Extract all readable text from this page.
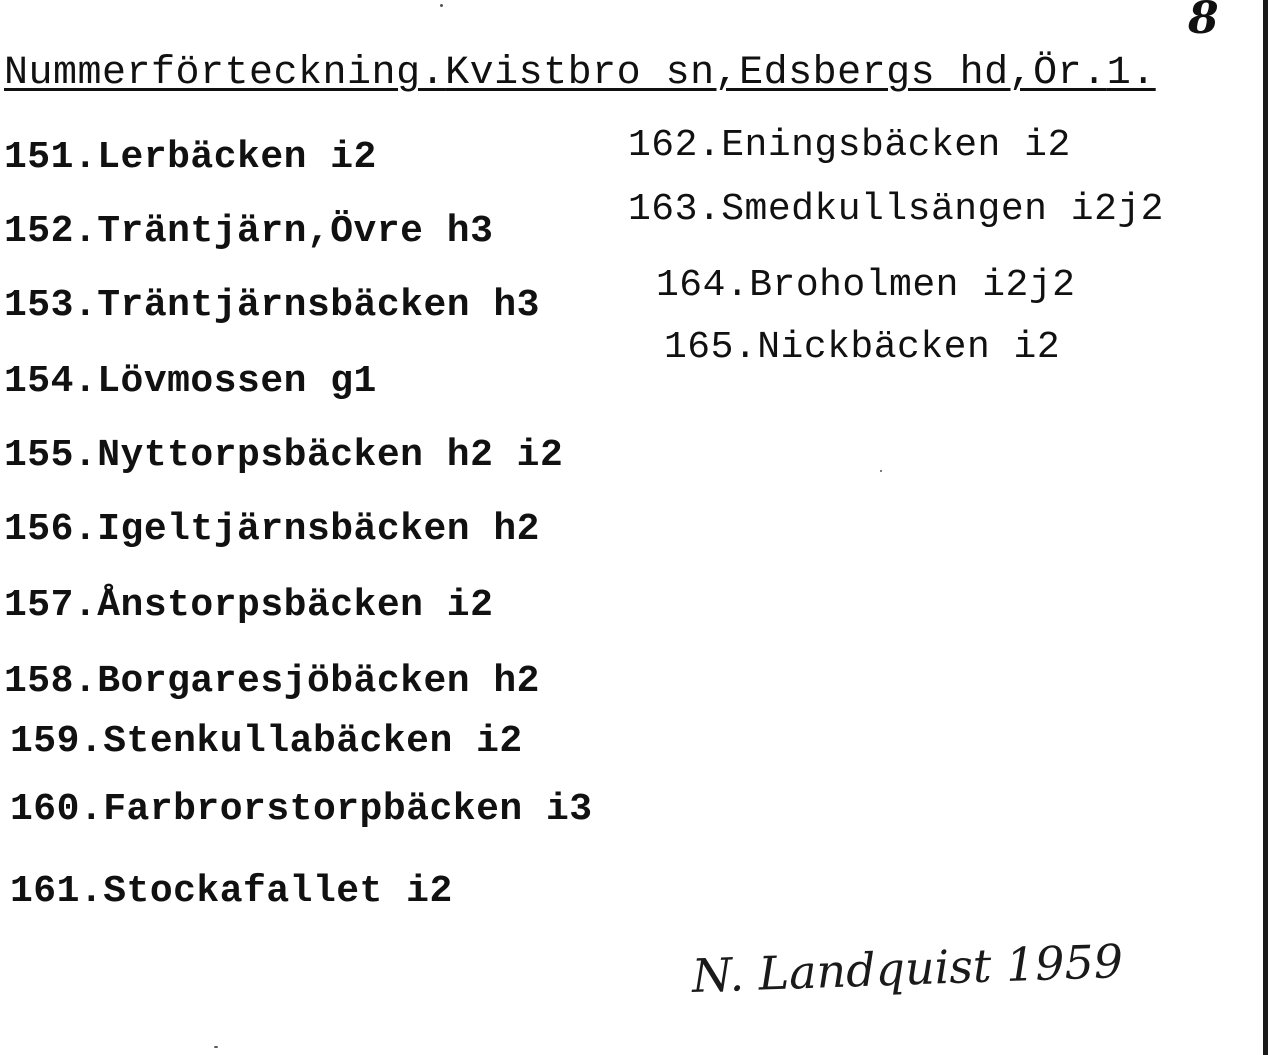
8
Nummerförteckning.Kvistbro sn,Edsbergs hd,Ör.1.
151.Lerbäcken i2
152.Träntjärn,Övre h3
153.Träntjärnsbäcken h3
154.Lövmossen g1
155.Nyttorpsbäcken h2 i2
156.Igeltjärnsbäcken h2
157.Ånstorpsbäcken i2
158.Borgaresjöbäcken h2
159.Stenkullabäcken i2
160.Farbrorstorpbäcken i3
161.Stockafallet i2
162.Eningsbäcken i2
163.Smedkullsängen i2j2
164.Broholmen i2j2
165.Nickbäcken i2
N. Landquist 1959
